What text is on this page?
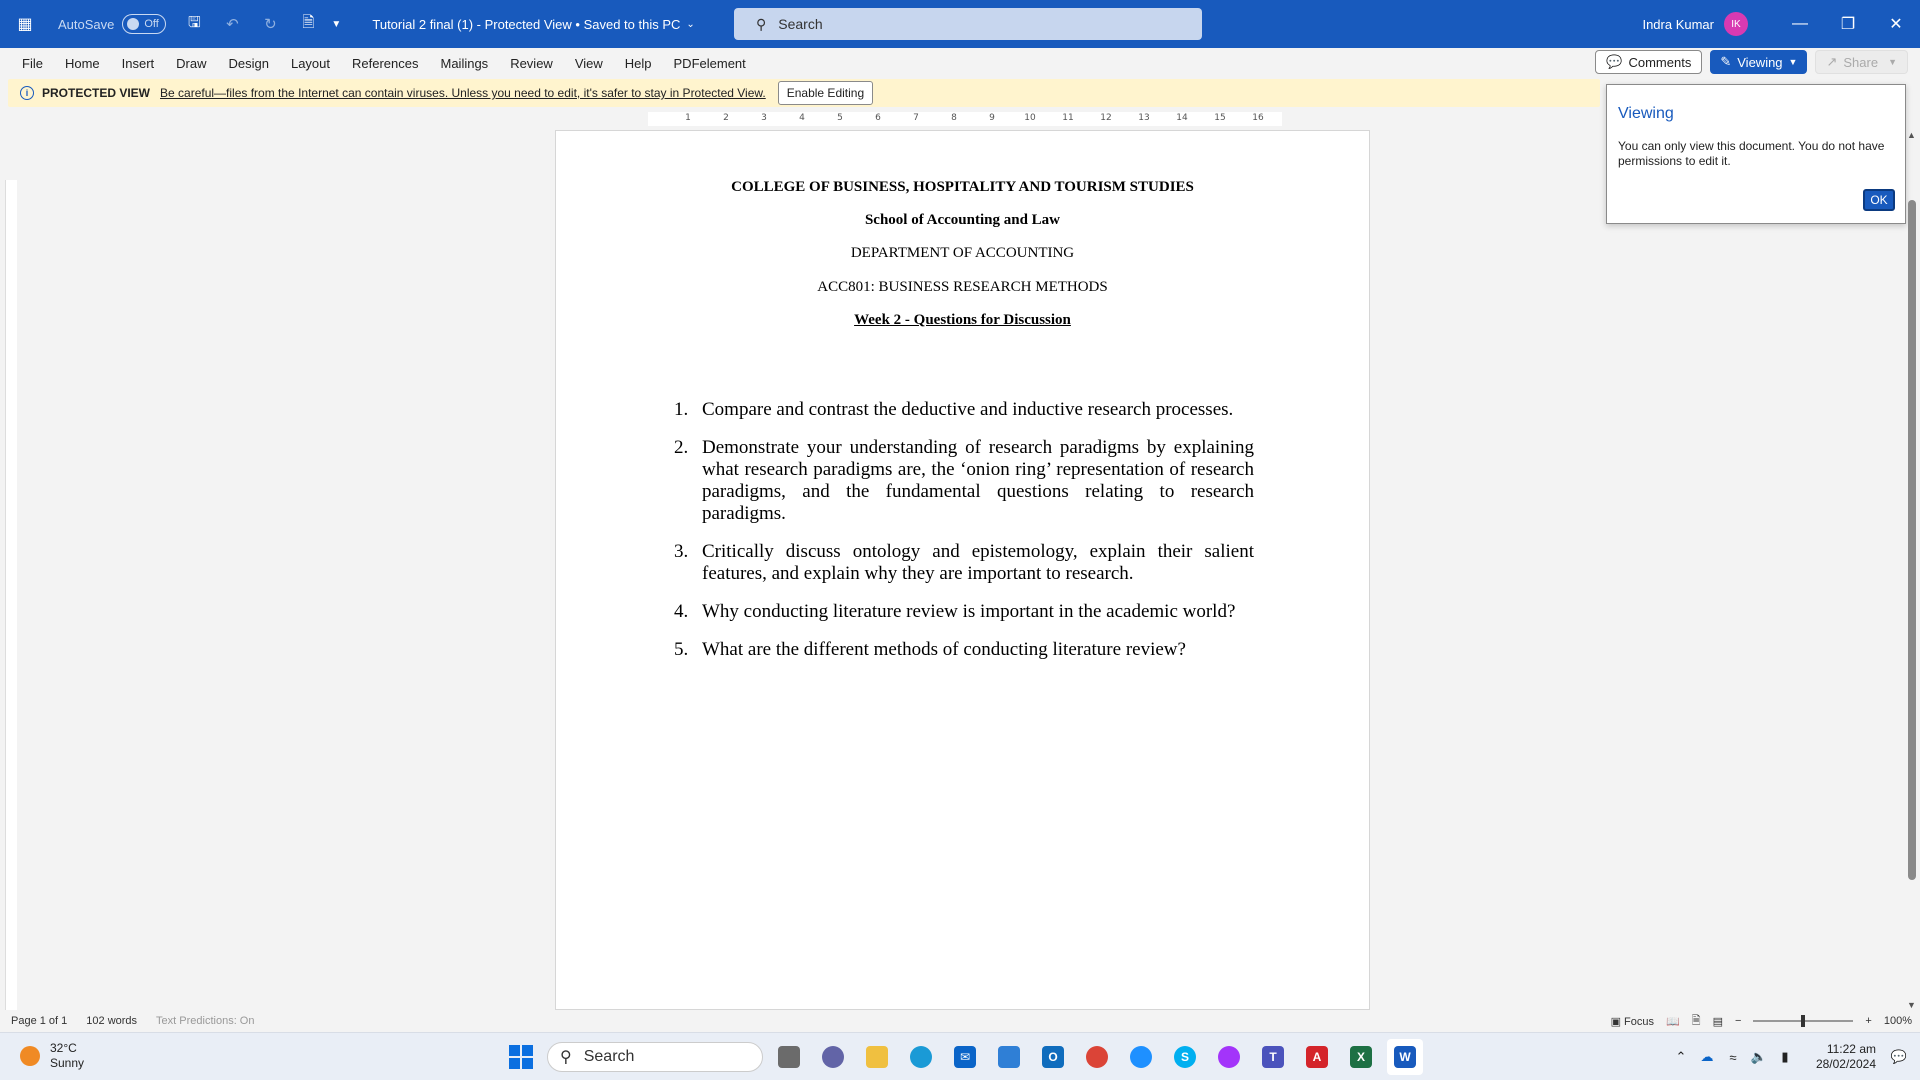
▦ AutoSave	Off 🖫 ↶ ↻ 🗎	▼	Tutorial 2 final (1) - Protected View • Saved to this PC ⌄	⚲ Search	Indra Kumar	IK	—	❐	✕
File	Home	Insert	Draw	Design	Layout	References	Mailings	Review	View	Help	PDFelement	💬 Comments ✎ Viewing ▼ ↗ Share ▼
i	PROTECTED VIEW Be careful—files from the Internet can contain viruses. Unless you need to edit, it's safer to stay in Protected View.	Enable Editing
1	2	3	4	5	6	7	8	9	10	11	12	13	14	15	16
COLLEGE OF BUSINESS, HOSPITALITY AND TOURISM STUDIES
School of Accounting and Law
DEPARTMENT OF ACCOUNTING
ACC801: BUSINESS RESEARCH METHODS
Week 2 - Questions for Discussion
1. Compare and contrast the deductive and inductive research processes.
2. Demonstrate your understanding of research paradigms by explaining what research paradigms are, the ‘onion ring’ representation of research paradigms, and the fundamental questions relating to research paradigms.
3. Critically discuss ontology and epistemology, explain their salient features, and explain why they are important to research.
4. Why conducting literature review is important in the academic world?
5. What are the different methods of conducting literature review?
Viewing
You can only view this document. You do not have permissions to edit it.
OK
▲
▼
Page 1 of 1 102 words Text Predictions: On	▣ Focus 📖 🗎 ▤ −	+ 100%
32°C
Sunny	⚲ Search	✉	O	S	T	A	X	W	⌃	☁	≈	🔈	▮	11:22 am
28/02/2024 💬
